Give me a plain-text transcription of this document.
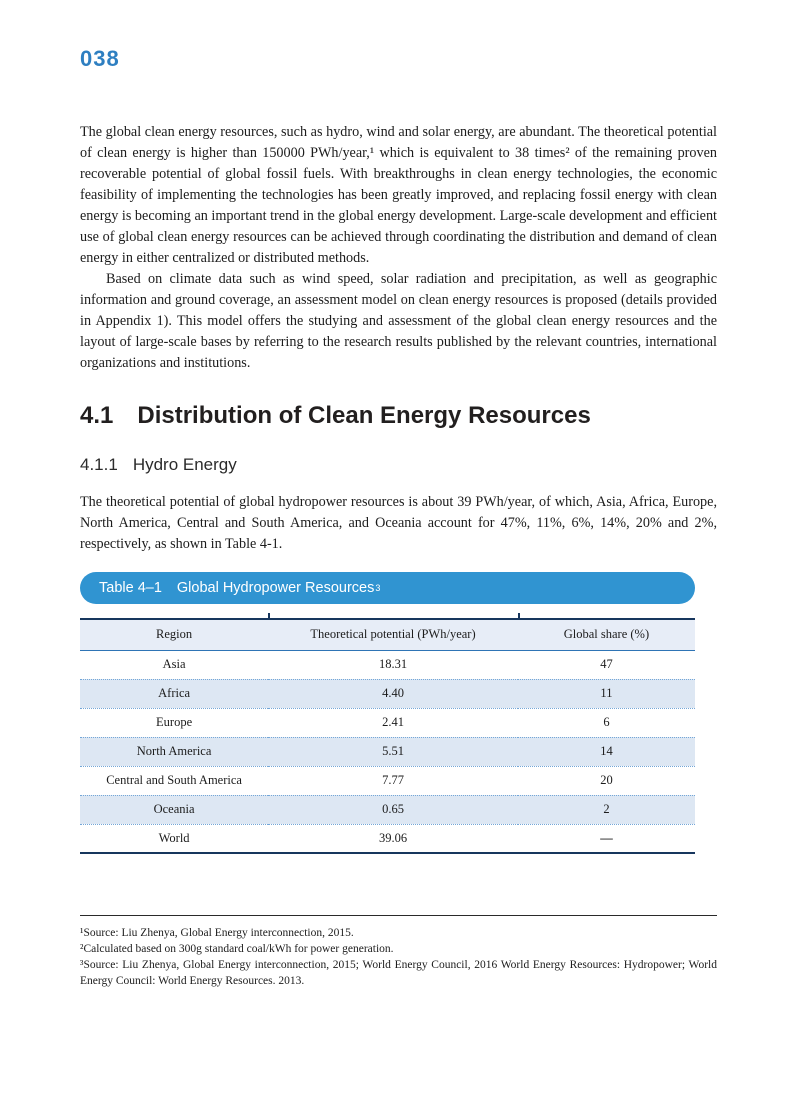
038

The global clean energy resources, such as hydro, wind and solar energy, are abundant. The theoretical potential of clean energy is higher than 150000 PWh/year,¹ which is equivalent to 38 times² of the remaining proven recoverable potential of global fossil fuels. With breakthroughs in clean energy technologies, the economic feasibility of implementing the technologies has been greatly improved, and replacing fossil energy with clean energy is becoming an important trend in the global energy development. Large-scale development and efficient use of global clean energy resources can be achieved through coordinating the distribution and demand of clean energy in either centralized or distributed methods.

Based on climate data such as wind speed, solar radiation and precipitation, as well as geographic information and ground coverage, an assessment model on clean energy resources is proposed (details provided in Appendix 1). This model offers the studying and assessment of the global clean energy resources and the layout of large-scale bases by referring to the research results published by the relevant countries, international organizations and institutions.

4.1 Distribution of Clean Energy Resources
4.1.1 Hydro Energy

The theoretical potential of global hydropower resources is about 39 PWh/year, of which, Asia, Africa, Europe, North America, Central and South America, and Oceania account for 47%, 11%, 6%, 14%, 20% and 2%, respectively, as shown in Table 4-1.

Table 4–1 Global Hydropower Resources 3
Region	Theoretical potential (PWh/year)	Global share (%)
Asia	18.31	47
Africa	4.40	11
Europe	2.41	6
North America	5.51	14
Central and South America	7.77	20
Oceania	0.65	2
World	39.06	—

¹Source: Liu Zhenya, Global Energy interconnection, 2015.

²Calculated based on 300g standard coal/kWh for power generation.

³Source: Liu Zhenya, Global Energy interconnection, 2015; World Energy Council, 2016 World Energy Resources: Hydropower; World Energy Council: World Energy Resources. 2013.
